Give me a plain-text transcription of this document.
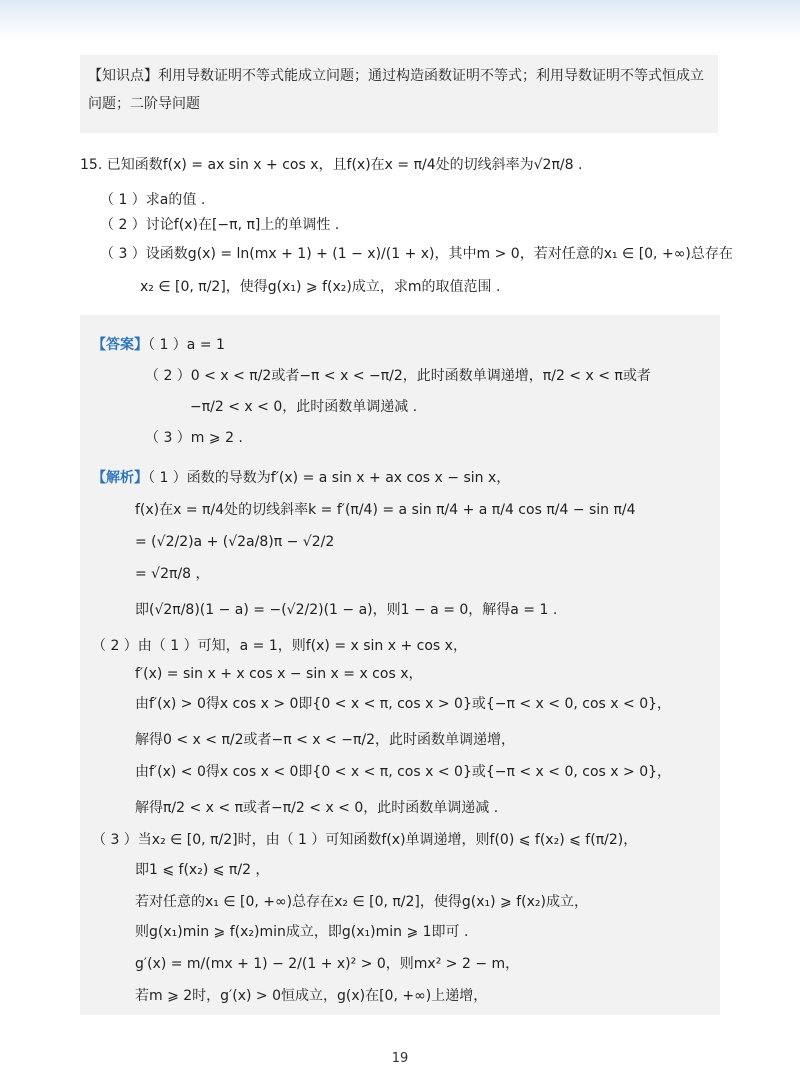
【知识点】利用导数证明不等式能成立问题；通过构造函数证明不等式；利用导数证明不等式恒成立问题；二阶导问题
15. 已知函数f(x) = ax sin x + cos x，且f(x)在x = π/4处的切线斜率为√2π/8 .
（ 1 ）求a的值 .
（ 2 ）讨论f(x)在[−π, π]上的单调性 .
（ 3 ）设函数g(x) = ln(mx + 1) + (1 − x)/(1 + x)，其中m > 0，若对任意的x₁ ∈ [0, +∞)总存在
x₂ ∈ [0, π/2]，使得g(x₁) ⩾ f(x₂)成立，求m的取值范围 .
【答案】（ 1 ）a = 1
（ 2 ）0 < x < π/2或者−π < x < −π/2，此时函数单调递增，π/2 < x < π或者
−π/2 < x < 0，此时函数单调递减 .
（ 3 ）m ⩾ 2 .
【解析】（ 1 ）函数的导数为f′(x) = a sin x + ax cos x − sin x，
f(x)在x = π/4处的切线斜率k = f′(π/4) = a sin π/4 + a π/4 cos π/4 − sin π/4
= (√2/2)a + (√2a/8)π − √2/2
= √2π/8 ，
即(√2π/8)(1 − a) = −(√2/2)(1 − a)，则1 − a = 0，解得a = 1 .
（ 2 ）由（ 1 ）可知，a = 1，则f(x) = x sin x + cos x，
f′(x) = sin x + x cos x − sin x = x cos x，
由f′(x) > 0得x cos x > 0即{0 < x < π, cos x > 0}或{−π < x < 0, cos x < 0}，
解得0 < x < π/2或者−π < x < −π/2，此时函数单调递增，
由f′(x) < 0得x cos x < 0即{0 < x < π, cos x < 0}或{−π < x < 0, cos x > 0}，
解得π/2 < x < π或者−π/2 < x < 0，此时函数单调递减 .
（ 3 ）当x₂ ∈ [0, π/2]时，由（ 1 ）可知函数f(x)单调递增，则f(0) ⩽ f(x₂) ⩽ f(π/2)，
即1 ⩽ f(x₂) ⩽ π/2 ，
若对任意的x₁ ∈ [0, +∞)总存在x₂ ∈ [0, π/2]，使得g(x₁) ⩾ f(x₂)成立，
则g(x₁)min ⩾ f(x₂)min成立，即g(x₁)min ⩾ 1即可 .
g′(x) = m/(mx + 1) − 2/(1 + x)² > 0，则mx² > 2 − m，
若m ⩾ 2时，g′(x) > 0恒成立，g(x)在[0, +∞)上递增，
19
